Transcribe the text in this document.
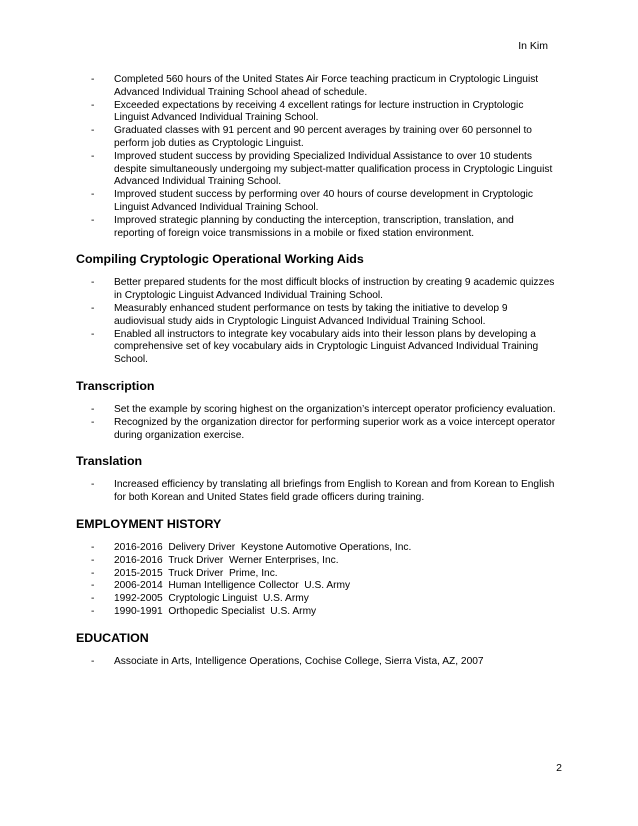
In Kim
- Completed 560 hours of the United States Air Force teaching practicum in Cryptologic Linguist Advanced Individual Training School ahead of schedule.
- Exceeded expectations by receiving 4 excellent ratings for lecture instruction in Cryptologic Linguist Advanced Individual Training School.
- Graduated classes with 91 percent and 90 percent averages by training over 60 personnel to perform job duties as Cryptologic Linguist.
- Improved student success by providing Specialized Individual Assistance to over 10 students despite simultaneously undergoing my subject-matter qualification process in Cryptologic Linguist Advanced Individual Training School.
- Improved student success by performing over 40 hours of course development in Cryptologic Linguist Advanced Individual Training School.
- Improved strategic planning by conducting the interception, transcription, translation, and reporting of foreign voice transmissions in a mobile or fixed station environment.
Compiling Cryptologic Operational Working Aids
- Better prepared students for the most difficult blocks of instruction by creating 9 academic quizzes in Cryptologic Linguist Advanced Individual Training School.
- Measurably enhanced student performance on tests by taking the initiative to develop 9 audiovisual study aids in Cryptologic Linguist Advanced Individual Training School.
- Enabled all instructors to integrate key vocabulary aids into their lesson plans by developing a comprehensive set of key vocabulary aids in Cryptologic Linguist Advanced Individual Training School.
Transcription
- Set the example by scoring highest on the organization’s intercept operator proficiency evaluation.
- Recognized by the organization director for performing superior work as a voice intercept operator during organization exercise.
Translation
- Increased efficiency by translating all briefings from English to Korean and from Korean to English for both Korean and United States field grade officers during training.
EMPLOYMENT HISTORY
- 2016-2016  Delivery Driver  Keystone Automotive Operations, Inc.
- 2016-2016  Truck Driver  Werner Enterprises, Inc.
- 2015-2015  Truck Driver  Prime, Inc.
- 2006-2014  Human Intelligence Collector  U.S. Army
- 1992-2005  Cryptologic Linguist  U.S. Army
- 1990-1991  Orthopedic Specialist  U.S. Army
EDUCATION
- Associate in Arts, Intelligence Operations, Cochise College, Sierra Vista, AZ, 2007
2
